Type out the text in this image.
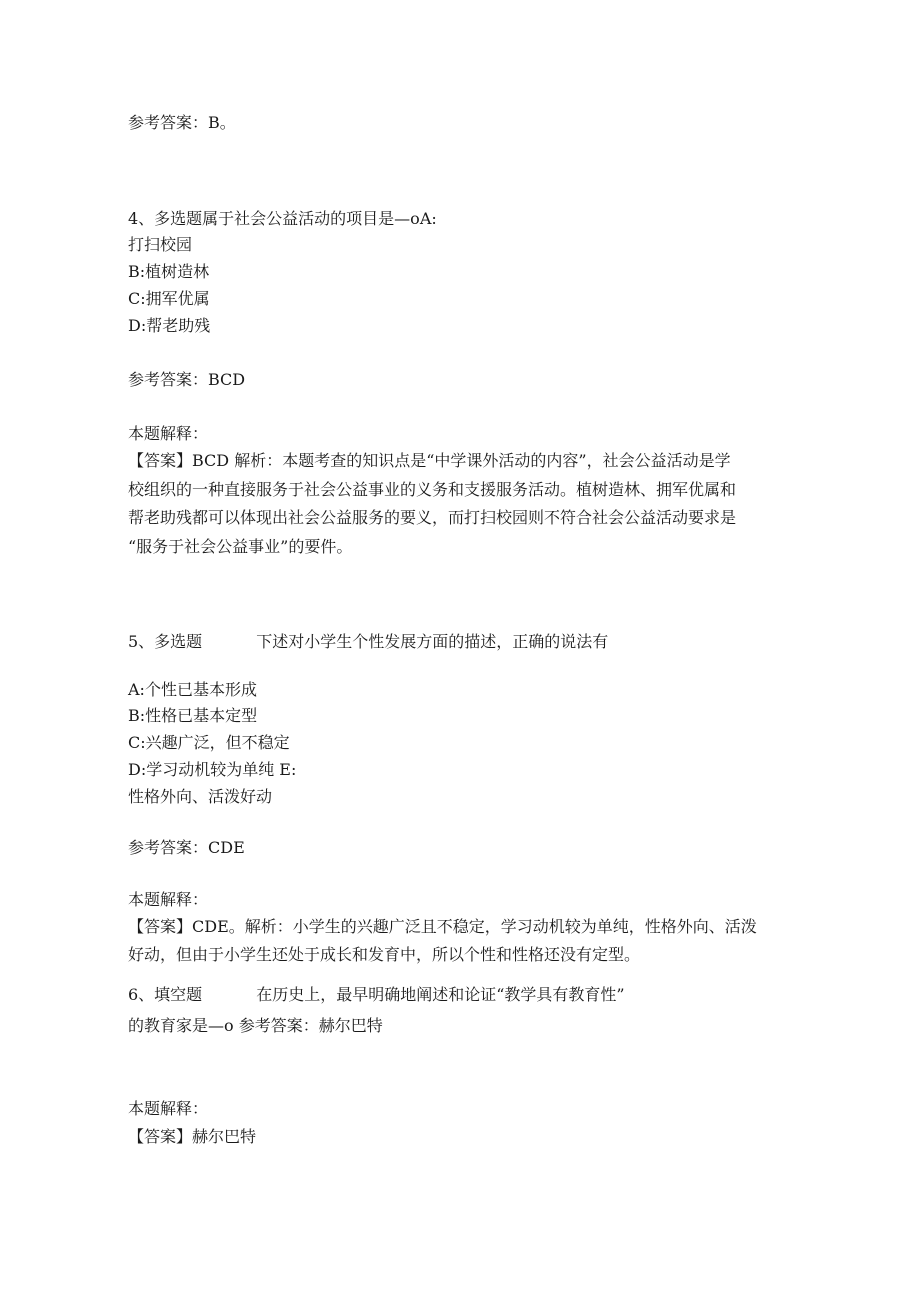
参考答案：B。
4、多选题属于社会公益活动的项目是—oA:
打扫校园
B:植树造林
C:拥军优属
D:帮老助残
参考答案：BCD
本题解释：
【答案】BCD 解析：本题考查的知识点是“中学课外活动的内容”，社会公益活动是学
校组织的一种直接服务于社会公益事业的义务和支援服务活动。植树造林、拥军优属和
帮老助残都可以体现出社会公益服务的要义，而打扫校园则不符合社会公益活动要求是
“服务于社会公益事业”的要件。
5、多选题	下述对小学生个性发展方面的描述，正确的说法有
A:个性已基本形成
B:性格已基本定型
C:兴趣广泛，但不稳定
D:学习动机较为单纯 E:
性格外向、活泼好动
参考答案：CDE
本题解释：
【答案】CDE。解析：小学生的兴趣广泛且不稳定，学习动机较为单纯，性格外向、活泼
好动，但由于小学生还处于成长和发育中，所以个性和性格还没有定型。
6、填空题	在历史上，最早明确地阐述和论证“教学具有教育性”
的教育家是—o 参考答案：赫尔巴特
本题解释：
【答案】赫尔巴特
